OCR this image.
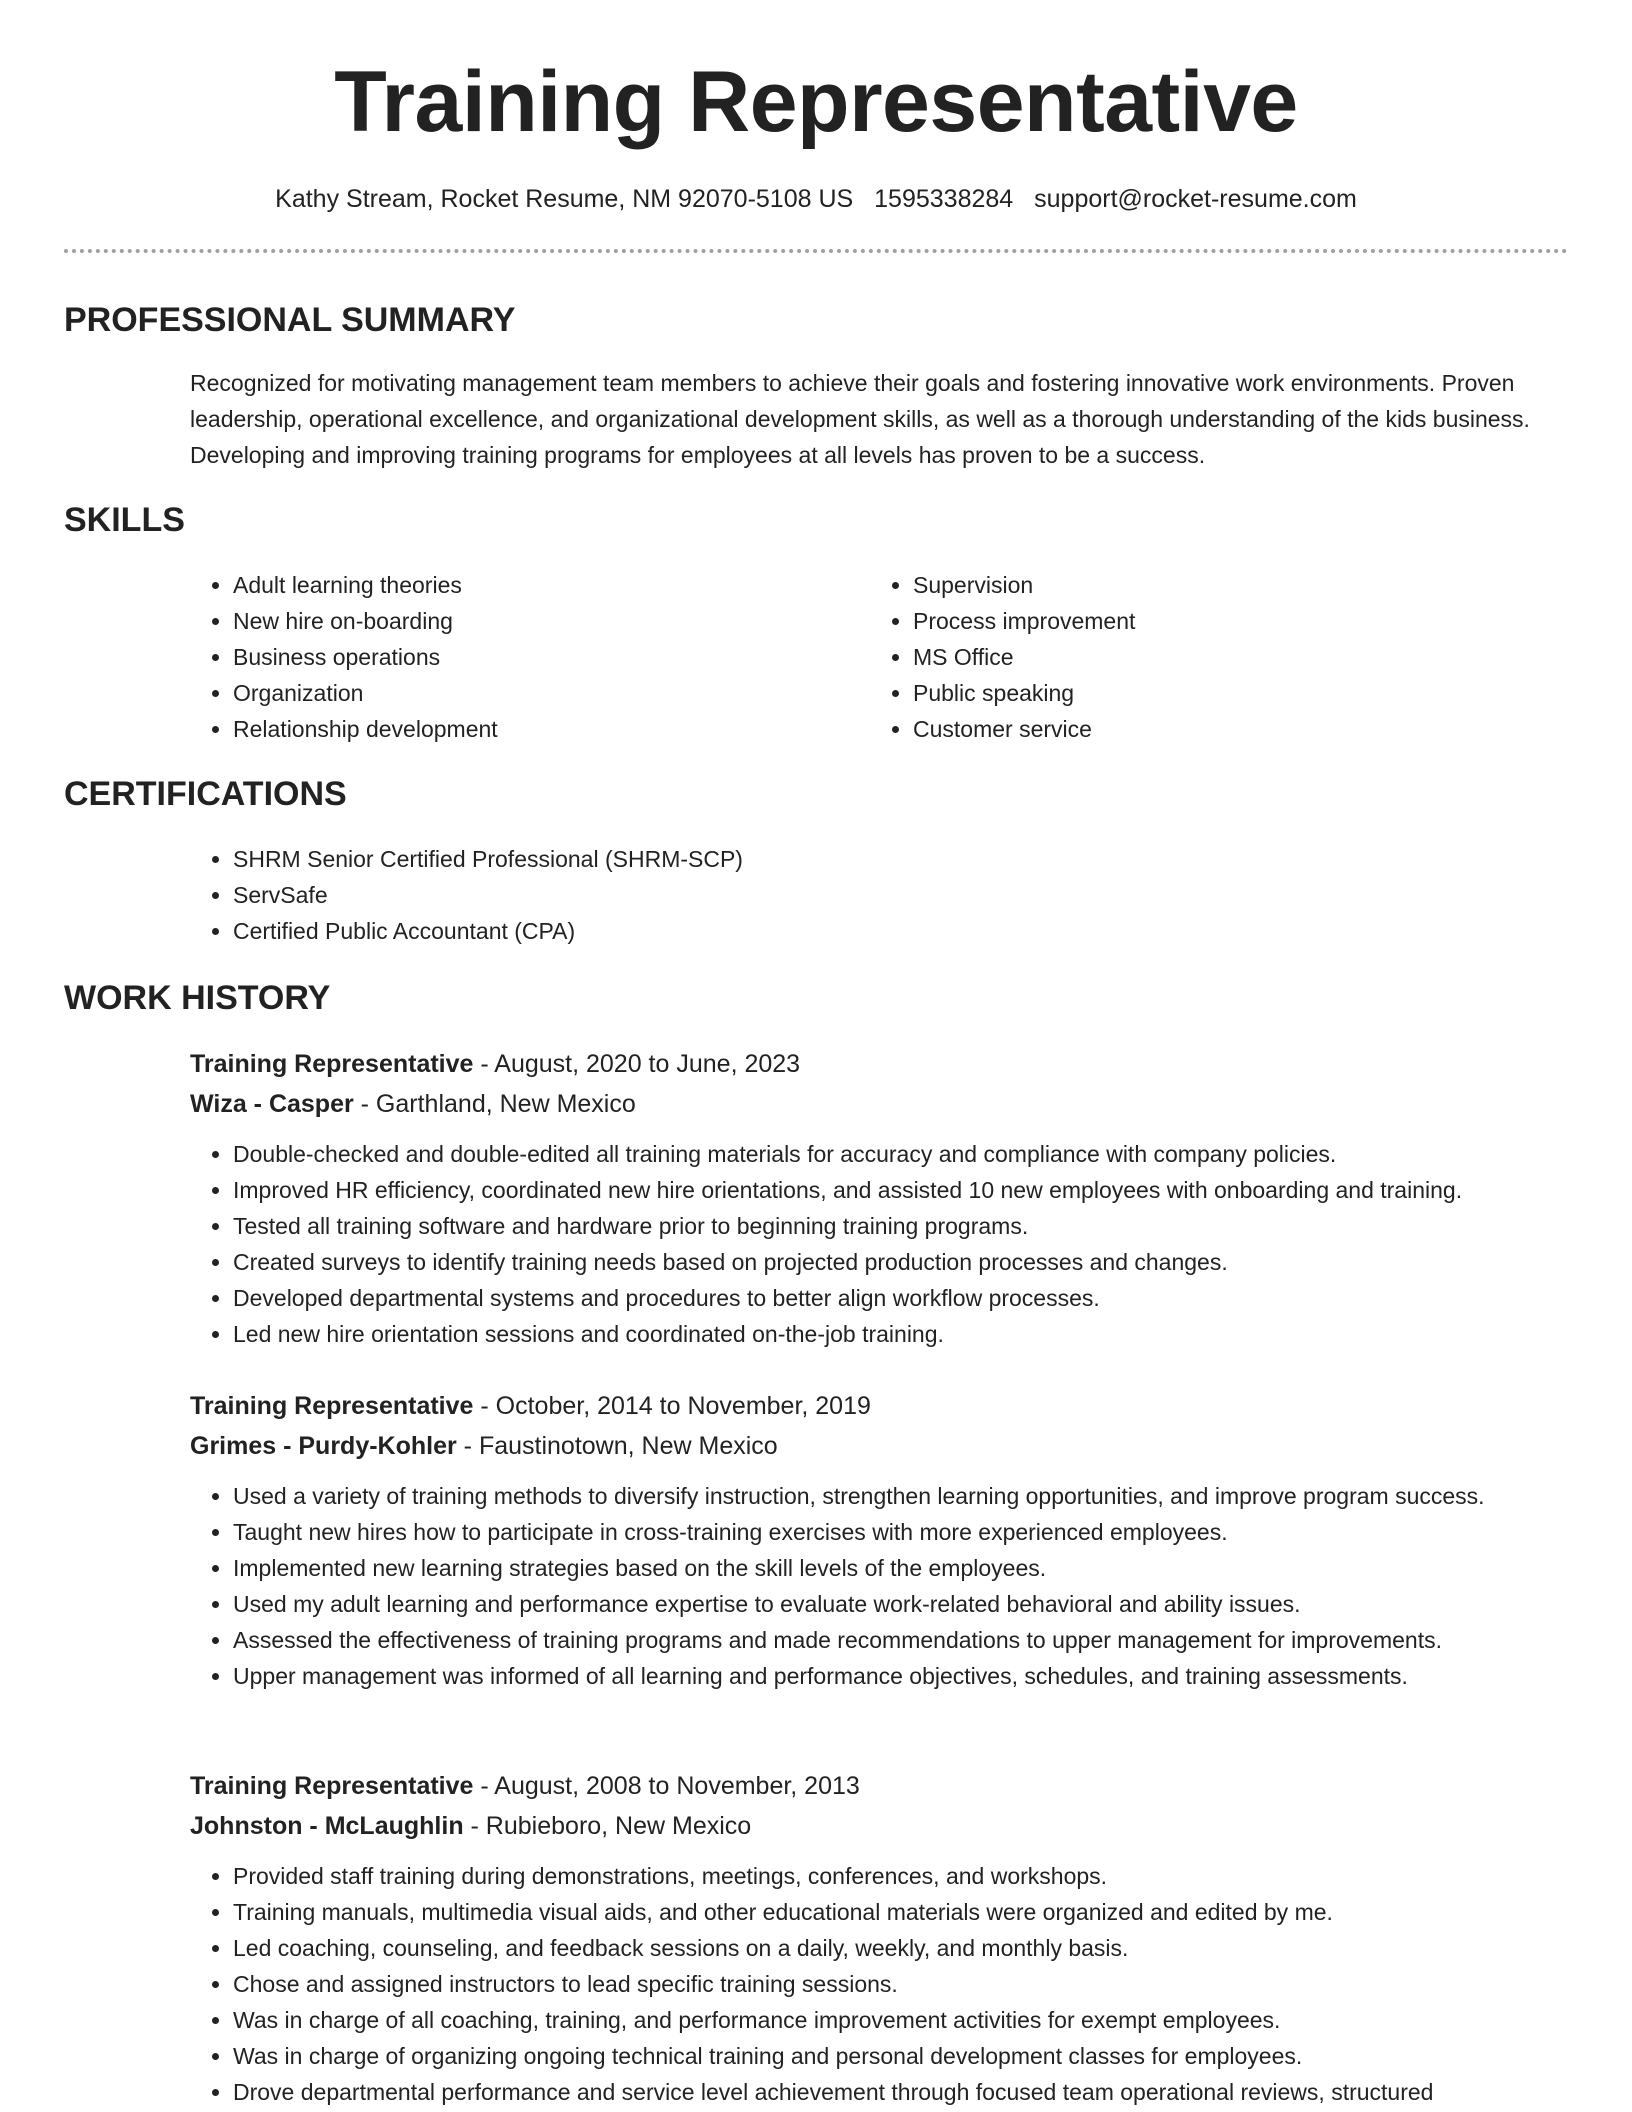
Training Representative
Kathy Stream, Rocket Resume, NM 92070-5108 US 1595338284 support@rocket-resume.com
PROFESSIONAL SUMMARY

Recognized for motivating management team members to achieve their goals and fostering innovative work environments. Proven leadership, operational excellence, and organizational development skills, as well as a thorough understanding of the kids business. Developing and improving training programs for employees at all levels has proven to be a success.

SKILLS
• Adult learning theories
• New hire on-boarding
• Business operations
• Organization
• Relationship development
• Supervision
• Process improvement
• MS Office
• Public speaking
• Customer service
CERTIFICATIONS
• SHRM Senior Certified Professional (SHRM-SCP)
• ServSafe
• Certified Public Accountant (CPA)
WORK HISTORY
Training Representative - August, 2020 to June, 2023
Wiza - Casper - Garthland, New Mexico
• Double-checked and double-edited all training materials for accuracy and compliance with company policies.
• Improved HR efficiency, coordinated new hire orientations, and assisted 10 new employees with onboarding and training.
• Tested all training software and hardware prior to beginning training programs.
• Created surveys to identify training needs based on projected production processes and changes.
• Developed departmental systems and procedures to better align workflow processes.
• Led new hire orientation sessions and coordinated on-the-job training.
Training Representative - October, 2014 to November, 2019
Grimes - Purdy-Kohler - Faustinotown, New Mexico
• Used a variety of training methods to diversify instruction, strengthen learning opportunities, and improve program success.
• Taught new hires how to participate in cross-training exercises with more experienced employees.
• Implemented new learning strategies based on the skill levels of the employees.
• Used my adult learning and performance expertise to evaluate work-related behavioral and ability issues.
• Assessed the effectiveness of training programs and made recommendations to upper management for improvements.
• Upper management was informed of all learning and performance objectives, schedules, and training assessments.
Training Representative - August, 2008 to November, 2013
Johnston - McLaughlin - Rubieboro, New Mexico
• Provided staff training during demonstrations, meetings, conferences, and workshops.
• Training manuals, multimedia visual aids, and other educational materials were organized and edited by me.
• Led coaching, counseling, and feedback sessions on a daily, weekly, and monthly basis.
• Chose and assigned instructors to lead specific training sessions.
• Was in charge of all coaching, training, and performance improvement activities for exempt employees.
• Was in charge of organizing ongoing technical training and personal development classes for employees.
• Drove departmental performance and service level achievement through focused team operational reviews, structured
